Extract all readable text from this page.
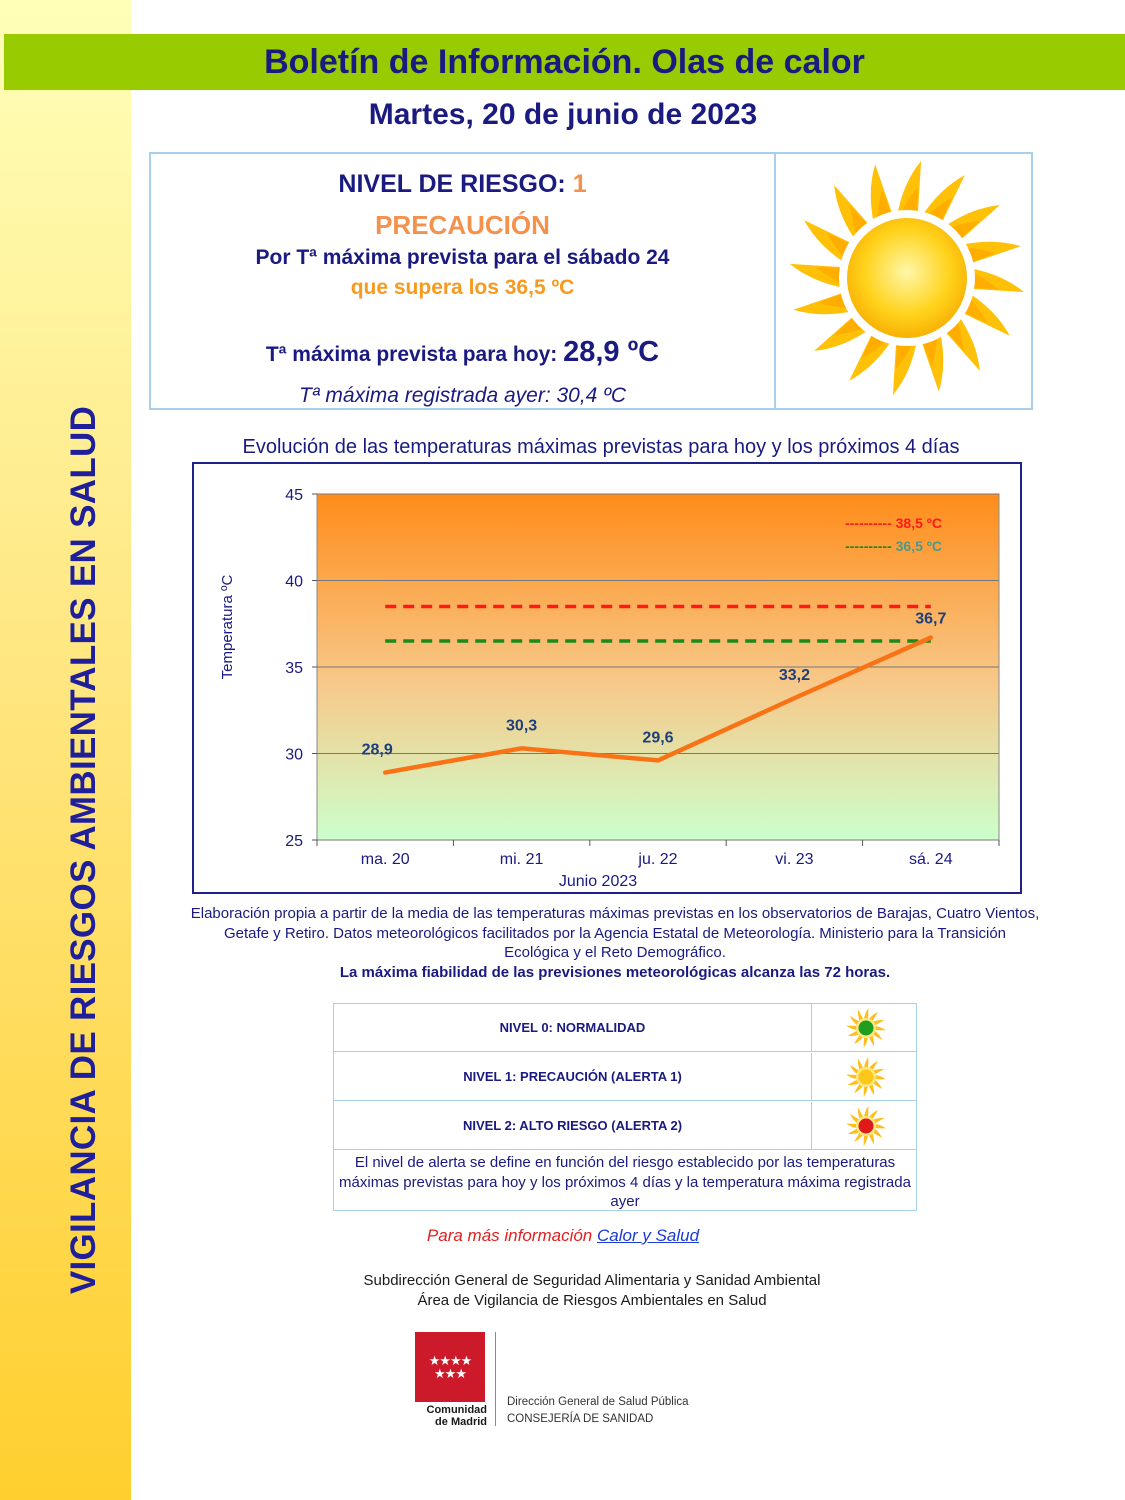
VIGILANCIA DE RIESGOS AMBIENTALES EN SALUD
Boletín de Información. Olas de calor
Martes, 20 de junio de 2023
NIVEL DE RIESGO: 1
PRECAUCIÓN
Por Tª máxima prevista para el sábado 24
que supera los 36,5 ºC
Tª máxima prevista para hoy: 28,9 ºC
Tª máxima registrada ayer: 30,4 ºC
Evolución de las temperaturas máximas previstas para hoy y los próximos 4 días
25
30
35
40
45
ma. 20	mi. 21	ju. 22	vi. 23	sá. 24
Junio 2023
Temperatura ºC
---------- 38,5 ºC
---------- 36,5 ºC
28,9
30,3
29,6
33,2
36,7
Elaboración propia a partir de la media de las temperaturas máximas previstas en los observatorios de Barajas, Cuatro Vientos, Getafe y Retiro. Datos meteorológicos facilitados por la Agencia Estatal de Meteorología. Ministerio para la Transición Ecológica y el Reto Demográfico.
La máxima fiabilidad de las previsiones meteorológicas alcanza las 72 horas.
NIVEL 0: NORMALIDAD
NIVEL 1: PRECAUCIÓN (ALERTA 1)
NIVEL 2: ALTO RIESGO (ALERTA 2)
El nivel de alerta se define en función del riesgo establecido por las temperaturas máximas previstas para hoy y los próximos 4 días y la temperatura máxima registrada ayer
Para más información Calor y Salud
Subdirección General de Seguridad Alimentaria y Sanidad Ambiental
Área de Vigilancia de Riesgos Ambientales en Salud
★★★★ ★★★
Comunidad
de Madrid
Dirección General de Salud Pública
CONSEJERÍA DE SANIDAD
